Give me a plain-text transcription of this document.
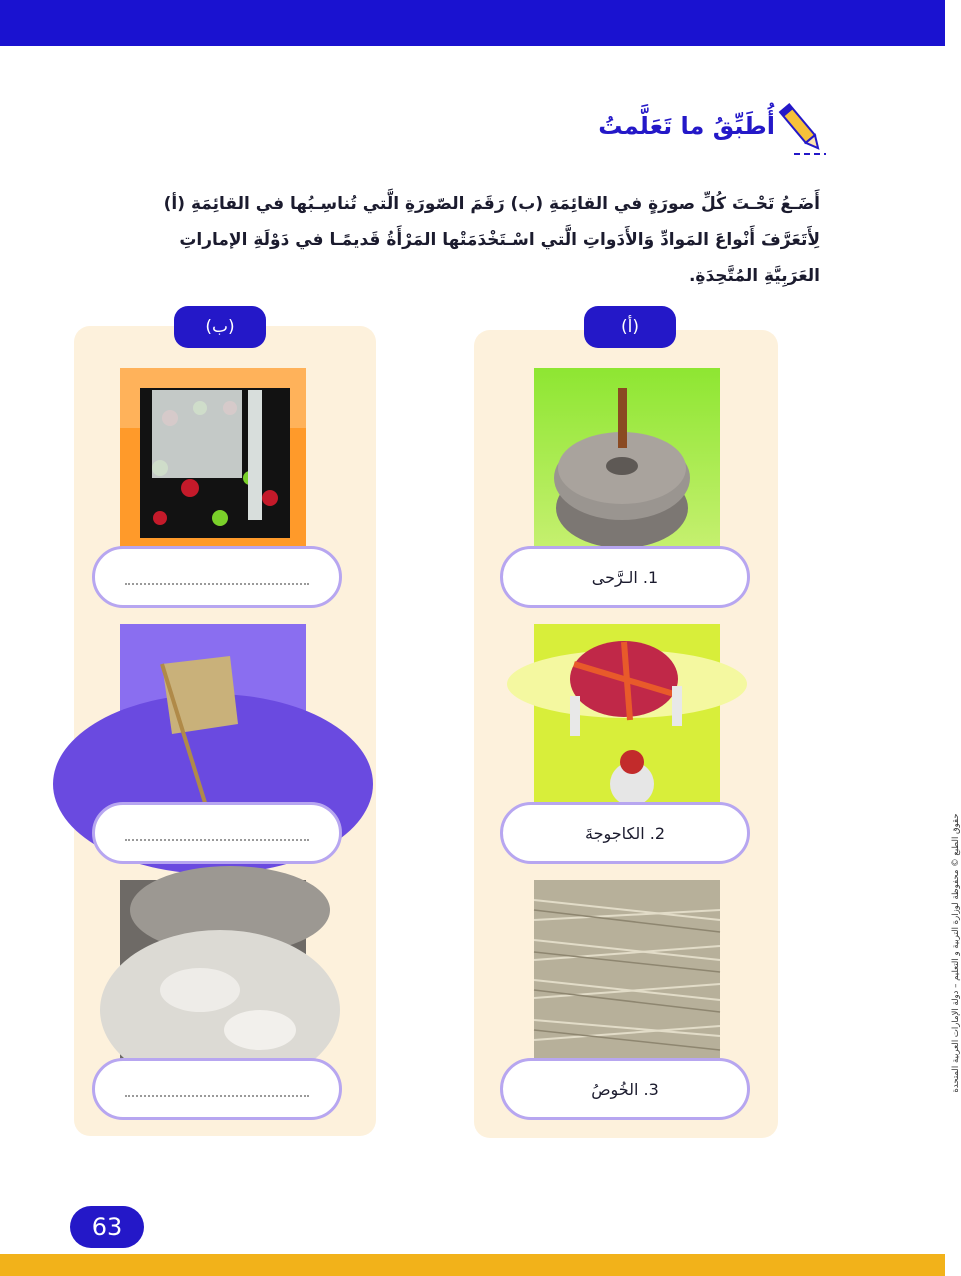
أُطَبِّقُ ما تَعَلَّمتُ
أَضَـعُ تَحْـتَ كُلِّ صورَةٍ في القائِمَةِ (ب) رَقَمَ الصّورَةِ الَّتي تُناسِـبُها في القائِمَةِ (أ) لِأَتَعَرَّفَ أَنْواعَ المَوادِّ وَالأَدَواتِ الَّتي اسْـتَخْدَمَتْها المَرْأَةُ قَديمًـا في دَوْلَةِ الإماراتِ العَرَبِيَّةِ المُتَّحِدَةِ.
(أ)
1. الـرَّحى
2. الكاجوجةَ
3. الخُوصُ
(ب)
حقوق الطبع © محفوظة لوزارة التربية و التعليم – دولة الإمارات العربية المتحدة
63
